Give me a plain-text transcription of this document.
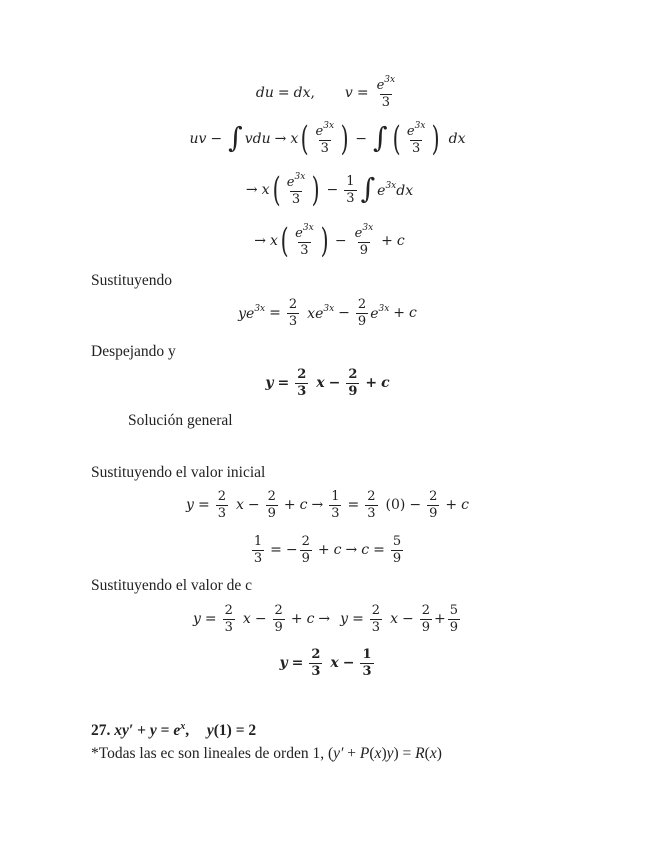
du = dx , $v = \frac{e^{3x}}{3}$
uv − ∫ vdu → x ( $\frac{e^{3x}}{3}$ ) − ∫ ( $\frac{e^{3x}}{3}$ ) dx
→ x ( $\frac{e^{3x}}{3}$ ) − $\frac{1}{3}$ ∫ $e^{3x}dx$
→ x ( $\frac{e^{3x}}{3}$ ) − $\frac{e^{3x}}{9} + c$
Sustituyendo
$ye^{3x} = \frac{2}{3} xe^{3x} - \frac{2}{9} e^{3x} + c$
Despejando y
$y = \frac{2}{3}$ $x - \frac{2}{9} + c$
Solución general
Sustituyendo el valor inicial
$y = \frac{2}{3}$ $x - \frac{2}{9} + c \to \frac{1}{3} = \frac{2}{3} (0) - \frac{2}{9} + c$
$\frac{1}{3}$ = − $\frac{2}{9} + c \to c = \frac{5}{9}$
Sustituyendo el valor de c
$y = \frac{2}{3}$ $x - \frac{2}{9} + c \to y = \frac{2}{3}$ $x - \frac{2}{9} + \frac{5}{9}$
$y = \frac{2}{3}$ $x - \frac{1}{3}$
27. $xy' + y = e^x$, y(1) = 2
*Todas las ec son lineales de orden 1, (y′ + P(x)y) = R(x)
